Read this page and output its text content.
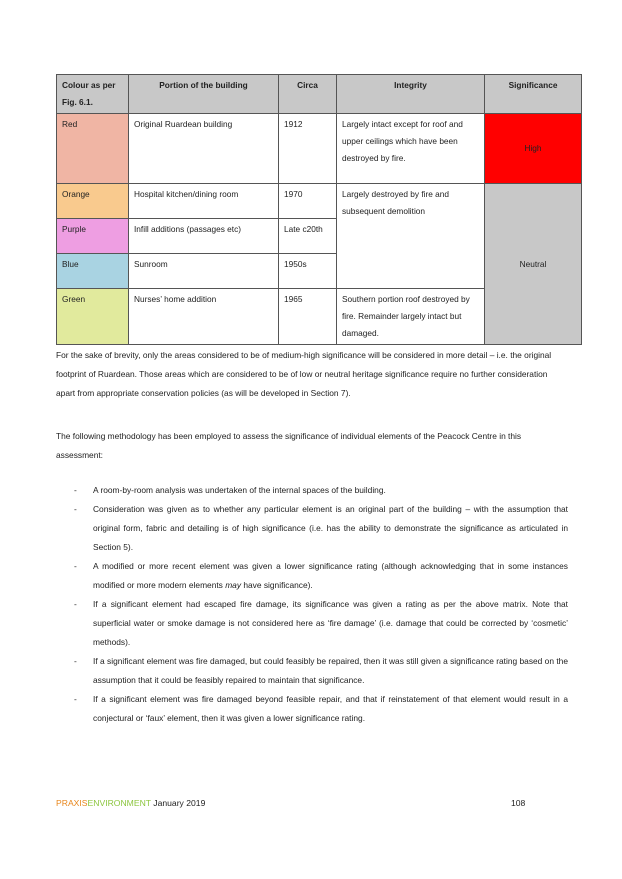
Colour as per Fig. 6.1.	Portion of the building	Circa	Integrity	Significance
Red	Original Ruardean building	1912	Largely intact except for roof and upper ceilings which have been destroyed by fire.	High
Orange	Hospital kitchen/dining room	1970	Largely destroyed by fire and subsequent demolition	Neutral
Purple	Infill additions (passages etc)	Late c20th		
Blue	Sunroom	1950s		
Green	Nurses’ home addition	1965	Southern portion roof destroyed by fire. Remainder largely intact but damaged.	

For the sake of brevity, only the areas considered to be of medium-high significance will be considered in more detail – i.e. the original footprint of Ruardean. Those areas which are considered to be of low or neutral heritage significance require no further consideration apart from appropriate conservation policies (as will be developed in Section 7).

The following methodology has been employed to assess the significance of individual elements of the Peacock Centre in this assessment:

- A room-by-room analysis was undertaken of the internal spaces of the building.
- Consideration was given as to whether any particular element is an original part of the building – with the assumption that original form, fabric and detailing is of high significance (i.e. has the ability to demonstrate the significance as articulated in Section 5).
- A modified or more recent element was given a lower significance rating (although acknowledging that in some instances modified or more modern elements may have significance).
- If a significant element had escaped fire damage, its significance was given a rating as per the above matrix. Note that superficial water or smoke damage is not considered here as ‘fire damage’ (i.e. damage that could be corrected by ‘cosmetic’ methods).
- If a significant element was fire damaged, but could feasibly be repaired, then it was still given a significance rating based on the assumption that it could be feasibly repaired to maintain that significance.
- If a significant element was fire damaged beyond feasible repair, and that if reinstatement of that element would result in a conjectural or ‘faux’ element, then it was given a lower significance rating.
PRAXISENVIRONMENT January 2019	108
